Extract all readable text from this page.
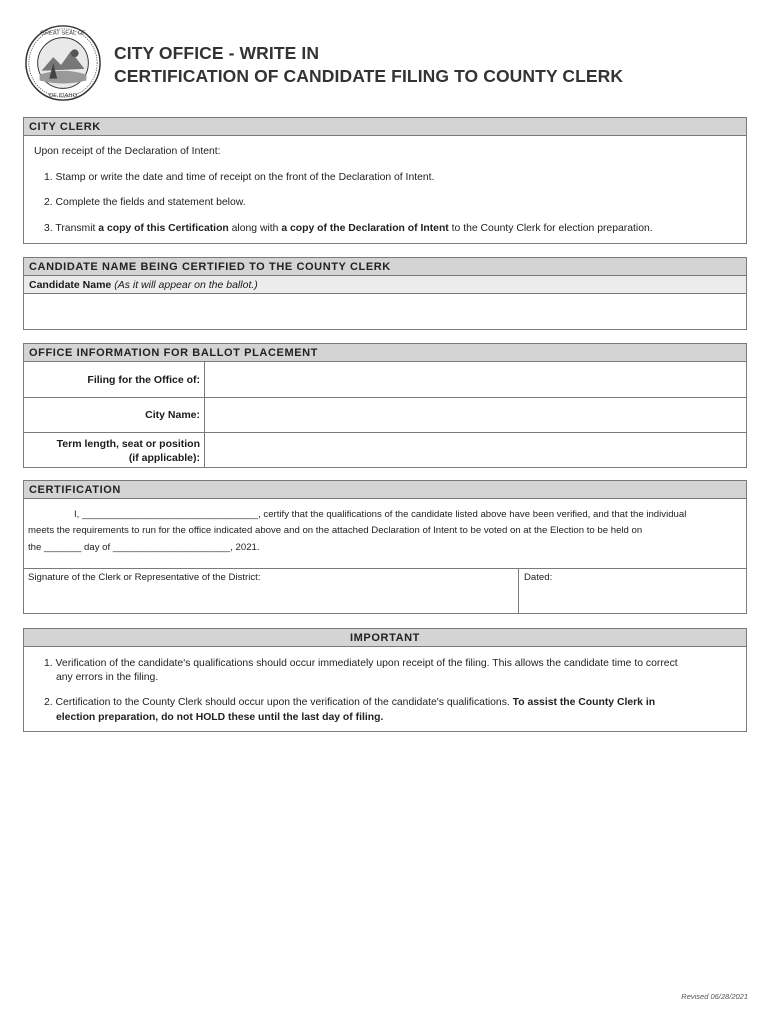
GREAT SEAL OF
OF IDAHO
CITY OFFICE - WRITE IN
CERTIFICATION OF CANDIDATE FILING TO COUNTY CLERK
CITY CLERK
Upon receipt of the Declaration of Intent:
1. Stamp or write the date and time of receipt on the front of the Declaration of Intent.
2. Complete the fields and statement below.
3. Transmit a copy of this Certification along with a copy of the Declaration of Intent to the County Clerk for election preparation.
CANDIDATE NAME BEING CERTIFIED TO THE COUNTY CLERK
Candidate Name (As it will appear on the ballot.)
OFFICE INFORMATION FOR BALLOT PLACEMENT
Filing for the Office of:
City Name:
Term length, seat or position
(if applicable):
CERTIFICATION
I, _________________________________, certify that the qualifications of the candidate listed above have been verified, and that the individual
meets the requirements to run for the office indicated above and on the attached Declaration of Intent to be voted on at the Election to be held on
the _______ day of ______________________, 2021.
Signature of the Clerk or Representative of the District:	Dated:
IMPORTANT
1. Verification of the candidate's qualifications should occur immediately upon receipt of the filing. This allows the candidate time to correct
any errors in the filing.
2. Certification to the County Clerk should occur upon the verification of the candidate's qualifications. To assist the County Clerk in
election preparation, do not HOLD these until the last day of filing.
Revised 06/28/2021
